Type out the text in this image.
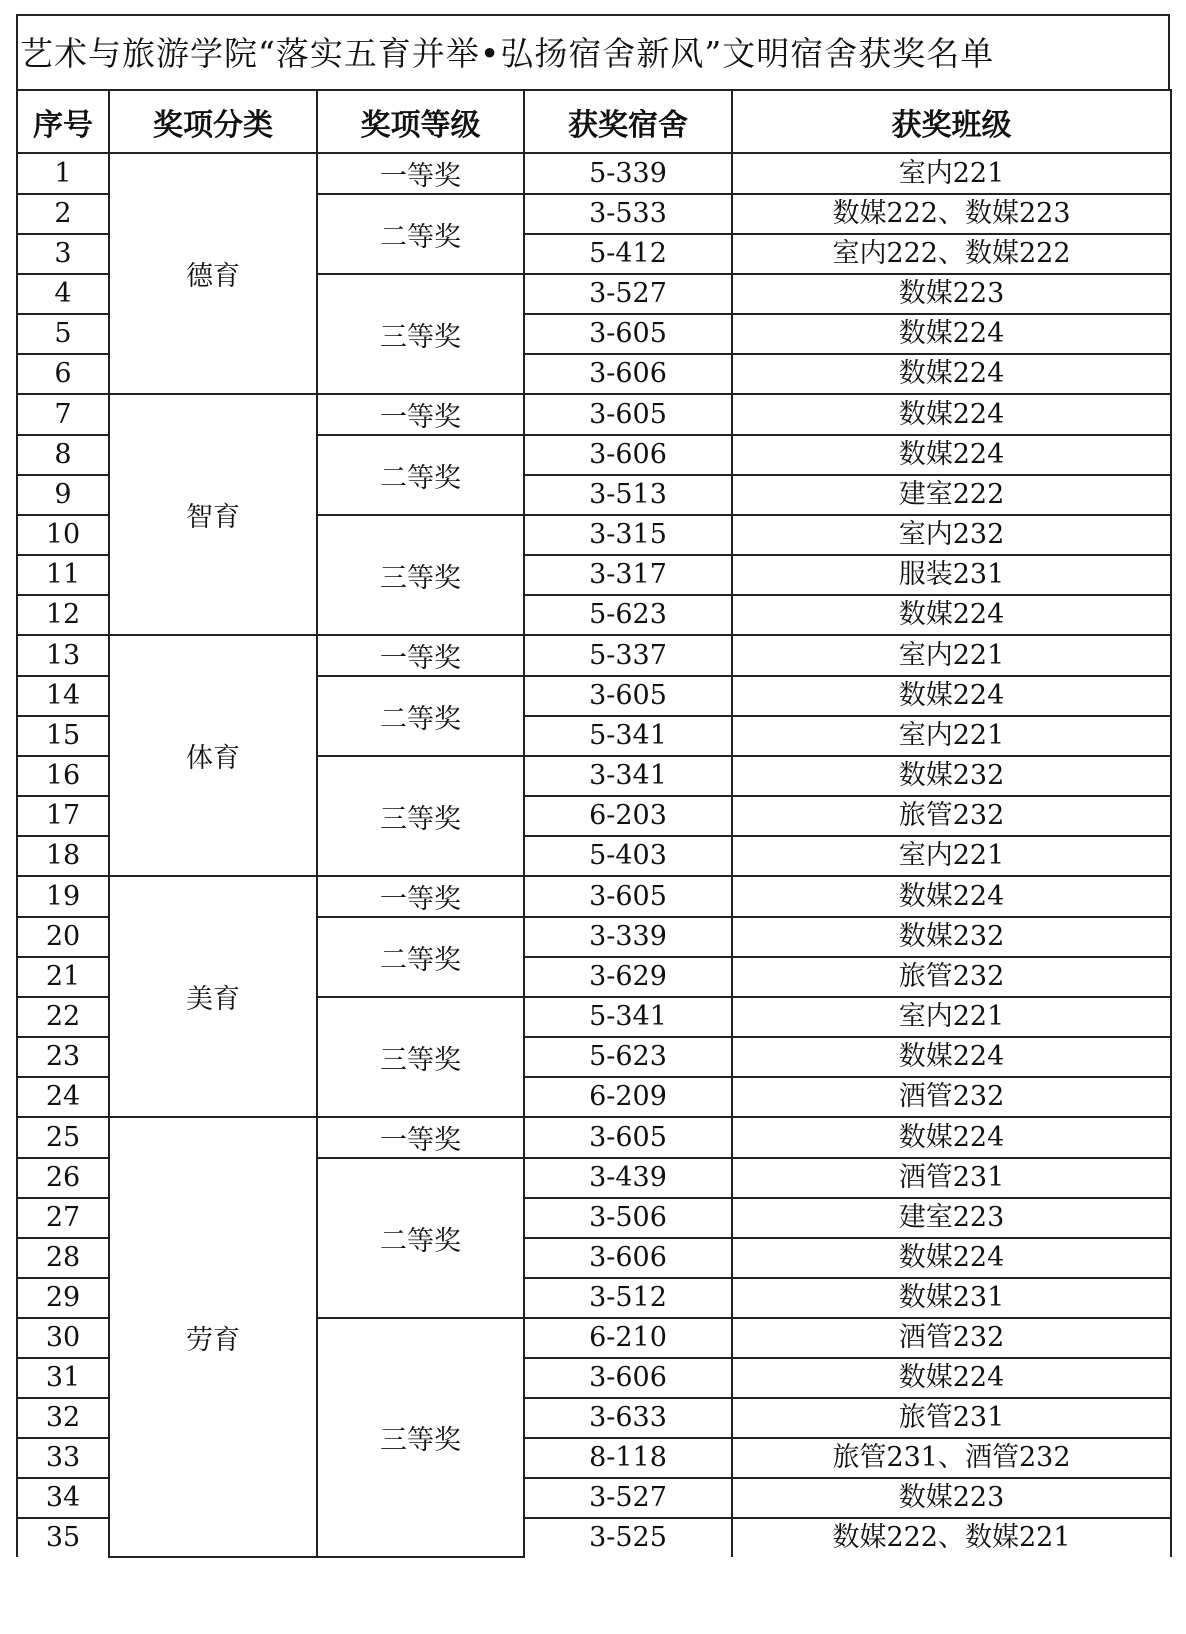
艺术与旅游学院“落实五育并举•弘扬宿舍新风”文明宿舍获奖名单
序号	奖项分类	奖项等级	获奖宿舍	获奖班级
1	德育	一等奖	5-339	室内221
2		二等奖	3-533	数媒222、数媒223
3			5-412	室内222、数媒222
4		三等奖	3-527	数媒223
5			3-605	数媒224
6			3-606	数媒224
7	智育	一等奖	3-605	数媒224
8		二等奖	3-606	数媒224
9			3-513	建室222
10		三等奖	3-315	室内232
11			3-317	服装231
12			5-623	数媒224
13	体育	一等奖	5-337	室内221
14		二等奖	3-605	数媒224
15			5-341	室内221
16		三等奖	3-341	数媒232
17			6-203	旅管232
18			5-403	室内221
19	美育	一等奖	3-605	数媒224
20		二等奖	3-339	数媒232
21			3-629	旅管232
22		三等奖	5-341	室内221
23			5-623	数媒224
24			6-209	酒管232
25	劳育	一等奖	3-605	数媒224
26		二等奖	3-439	酒管231
27			3-506	建室223
28			3-606	数媒224
29			3-512	数媒231
30		三等奖	6-210	酒管232
31			3-606	数媒224
32			3-633	旅管231
33			8-118	旅管231、酒管232
34			3-527	数媒223
35			3-525	数媒222、数媒221
